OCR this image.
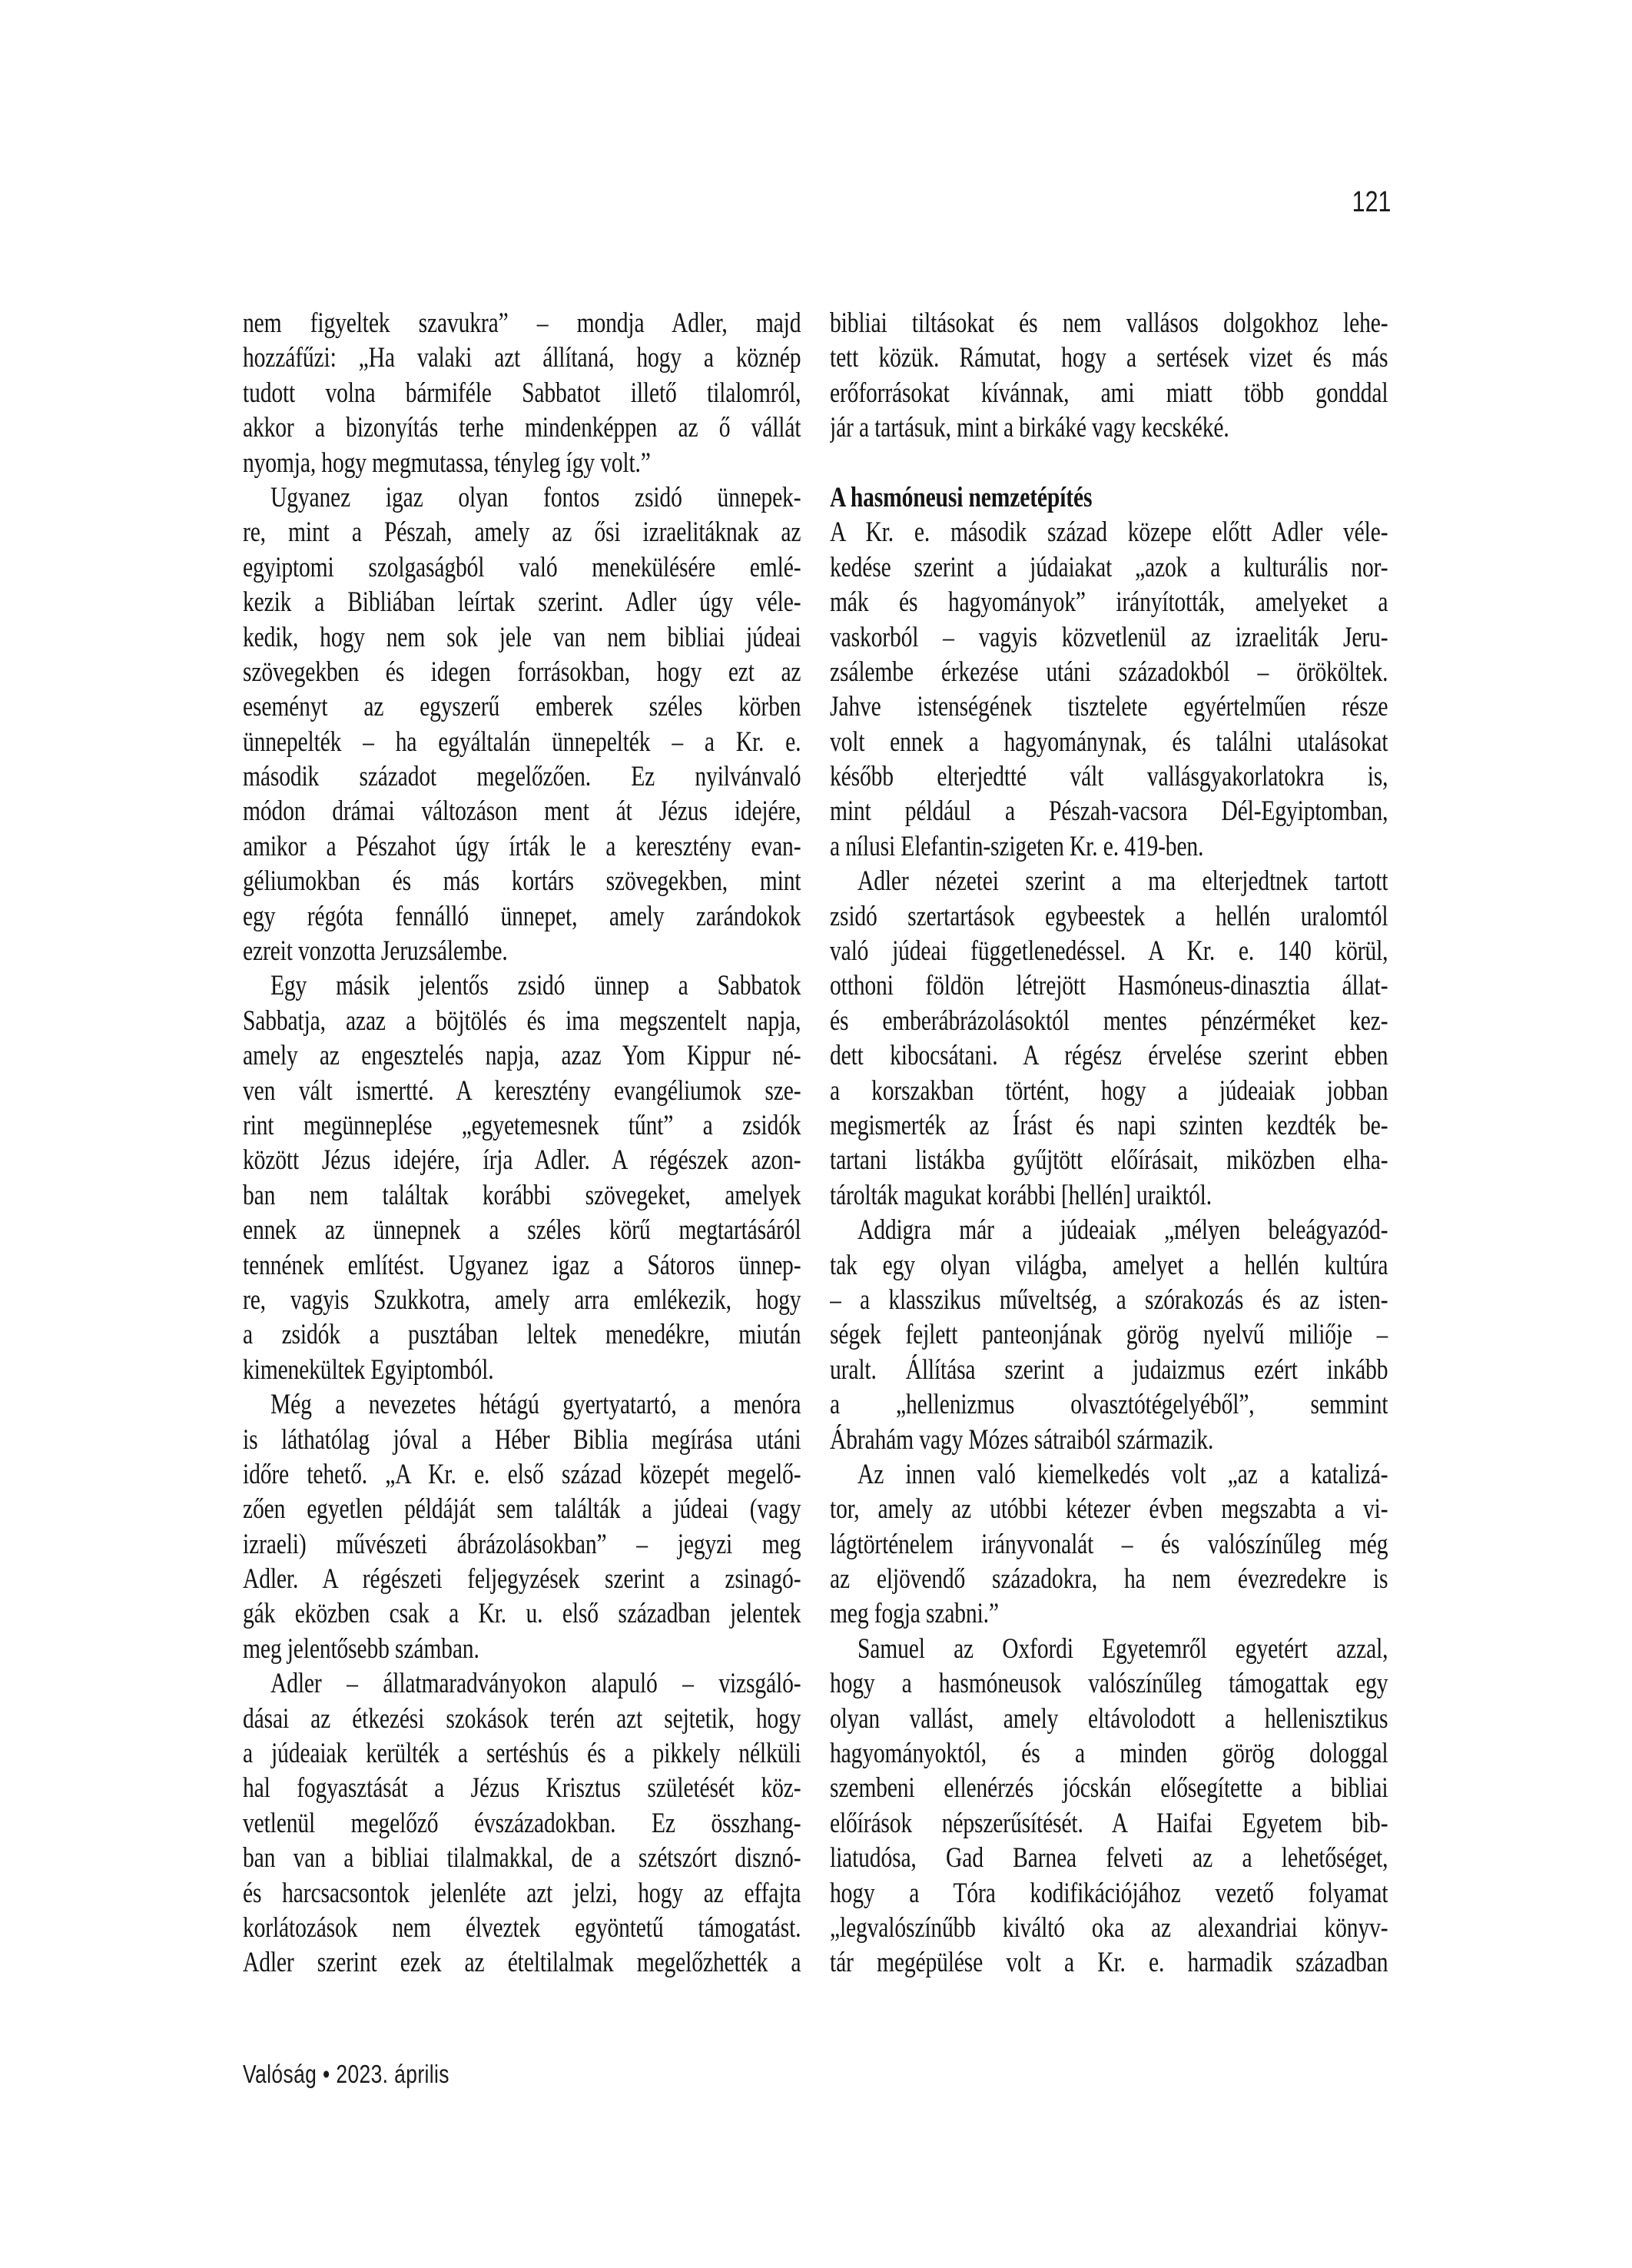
121
nem figyeltek szavukra” – mondja Adler, majd
hozzáfűzi: „Ha valaki azt állítaná, hogy a köznép
tudott volna bármiféle Sabbatot illető tilalomról,
akkor a bizonyítás terhe mindenképpen az ő vállát
nyomja, hogy megmutassa, tényleg így volt.”
Ugyanez igaz olyan fontos zsidó ünnepek-
re, mint a Pészah, amely az ősi izraelitáknak az
egyiptomi szolgaságból való menekülésére emlé-
kezik a Bibliában leírtak szerint. Adler úgy véle-
kedik, hogy nem sok jele van nem bibliai júdeai
szövegekben és idegen forrásokban, hogy ezt az
eseményt az egyszerű emberek széles körben
ünnepelték – ha egyáltalán ünnepelték – a Kr. e.
második századot megelőzően. Ez nyilvánvaló
módon drámai változáson ment át Jézus idejére,
amikor a Pészahot úgy írták le a keresztény evan-
géliumokban és más kortárs szövegekben, mint
egy régóta fennálló ünnepet, amely zarándokok
ezreit vonzotta Jeruzsálembe.
Egy másik jelentős zsidó ünnep a Sabbatok
Sabbatja, azaz a böjtölés és ima megszentelt napja,
amely az engesztelés napja, azaz Yom Kippur né-
ven vált ismertté. A keresztény evangéliumok sze-
rint megünneplése „egyetemesnek tűnt” a zsidók
között Jézus idejére, írja Adler. A régészek azon-
ban nem találtak korábbi szövegeket, amelyek
ennek az ünnepnek a széles körű megtartásáról
tennének említést. Ugyanez igaz a Sátoros ünnep-
re, vagyis Szukkotra, amely arra emlékezik, hogy
a zsidók a pusztában leltek menedékre, miután
kimenekültek Egyiptomból.
Még a nevezetes hétágú gyertyatartó, a menóra
is láthatólag jóval a Héber Biblia megírása utáni
időre tehető. „A Kr. e. első század közepét megelő-
zően egyetlen példáját sem találták a júdeai (vagy
izraeli) művészeti ábrázolásokban” – jegyzi meg
Adler. A régészeti feljegyzések szerint a zsinagó-
gák eközben csak a Kr. u. első században jelentek
meg jelentősebb számban.
Adler – állatmaradványokon alapuló – vizsgáló-
dásai az étkezési szokások terén azt sejtetik, hogy
a júdeaiak kerülték a sertéshús és a pikkely nélküli
hal fogyasztását a Jézus Krisztus születését köz-
vetlenül megelőző évszázadokban. Ez összhang-
ban van a bibliai tilalmakkal, de a szétszórt disznó-
és harcsacsontok jelenléte azt jelzi, hogy az effajta
korlátozások nem élveztek egyöntetű támogatást.
Adler szerint ezek az ételtilalmak megelőzhették a
bibliai tiltásokat és nem vallásos dolgokhoz lehe-
tett közük. Rámutat, hogy a sertések vizet és más
erőforrásokat kívánnak, ami miatt több gonddal
jár a tartásuk, mint a birkáké vagy kecskéké.
A hasmóneusi nemzetépítés
A Kr. e. második század közepe előtt Adler véle-
kedése szerint a júdaiakat „azok a kulturális nor-
mák és hagyományok” irányították, amelyeket a
vaskorból – vagyis közvetlenül az izraeliták Jeru-
zsálembe érkezése utáni századokból – örököltek.
Jahve istenségének tisztelete egyértelműen része
volt ennek a hagyománynak, és találni utalásokat
később elterjedtté vált vallásgyakorlatokra is,
mint például a Pészah-vacsora Dél-Egyiptomban,
a nílusi Elefantin-szigeten Kr. e. 419-ben.
Adler nézetei szerint a ma elterjedtnek tartott
zsidó szertartások egybeestek a hellén uralomtól
való júdeai függetlenedéssel. A Kr. e. 140 körül,
otthoni földön létrejött Hasmóneus-dinasztia állat-
és emberábrázolásoktól mentes pénzérméket kez-
dett kibocsátani. A régész érvelése szerint ebben
a korszakban történt, hogy a júdeaiak jobban
megismerték az Írást és napi szinten kezdték be-
tartani listákba gyűjtött előírásait, miközben elha-
tárolták magukat korábbi [hellén] uraiktól.
Addigra már a júdeaiak „mélyen beleágyazód-
tak egy olyan világba, amelyet a hellén kultúra
– a klasszikus műveltség, a szórakozás és az isten-
ségek fejlett panteonjának görög nyelvű miliője –
uralt. Állítása szerint a judaizmus ezért inkább
a „hellenizmus olvasztótégelyéből”, semmint
Ábrahám vagy Mózes sátraiból származik.
Az innen való kiemelkedés volt „az a katalizá-
tor, amely az utóbbi kétezer évben megszabta a vi-
lágtörténelem irányvonalát – és valószínűleg még
az eljövendő századokra, ha nem évezredekre is
meg fogja szabni.”
Samuel az Oxfordi Egyetemről egyetért azzal,
hogy a hasmóneusok valószínűleg támogattak egy
olyan vallást, amely eltávolodott a hellenisztikus
hagyományoktól, és a minden görög dologgal
szembeni ellenérzés jócskán elősegítette a bibliai
előírások népszerűsítését. A Haifai Egyetem bib-
liatudósa, Gad Barnea felveti az a lehetőséget,
hogy a Tóra kodifikációjához vezető folyamat
„legvalószínűbb kiváltó oka az alexandriai könyv-
tár megépülése volt a Kr. e. harmadik században
Valóság • 2023. április
